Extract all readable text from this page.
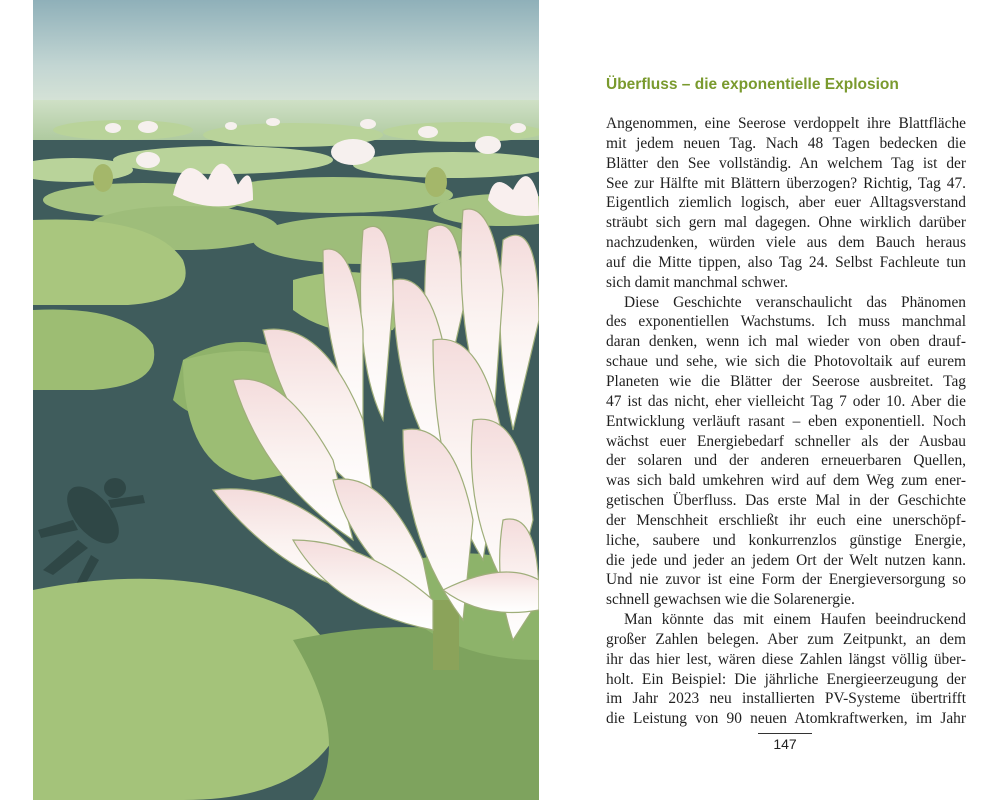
Überfluss – die exponentielle Explosion
Angenommen, eine Seerose verdoppelt ihre Blattfläche
mit jedem neuen Tag. Nach 48 Tagen bedecken die
Blätter den See vollständig. An welchem Tag ist der
See zur Hälfte mit Blättern überzogen? Richtig, Tag 47.
Eigentlich ziemlich logisch, aber euer Alltagsverstand
sträubt sich gern mal dagegen. Ohne wirklich darüber
nachzudenken, würden viele aus dem Bauch heraus
auf die Mitte tippen, also Tag 24. Selbst Fachleute tun
sich damit manchmal schwer.
Diese Geschichte veranschaulicht das Phänomen
des exponentiellen Wachstums. Ich muss manchmal
daran denken, wenn ich mal wieder von oben drauf-
schaue und sehe, wie sich die Photovoltaik auf eurem
Planeten wie die Blätter der Seerose ausbreitet. Tag
47 ist das nicht, eher vielleicht Tag 7 oder 10. Aber die
Entwicklung verläuft rasant – eben exponentiell. Noch
wächst euer Energiebedarf schneller als der Ausbau
der solaren und der anderen erneuerbaren Quellen,
was sich bald umkehren wird auf dem Weg zum ener-
getischen Überfluss. Das erste Mal in der Geschichte
der Menschheit erschließt ihr euch eine unerschöpf-
liche, saubere und konkurrenzlos günstige Energie,
die jede und jeder an jedem Ort der Welt nutzen kann.
Und nie zuvor ist eine Form der Energieversorgung so
schnell gewachsen wie die Solarenergie.
Man könnte das mit einem Haufen beeindruckend
großer Zahlen belegen. Aber zum Zeitpunkt, an dem
ihr das hier lest, wären diese Zahlen längst völlig über-
holt. Ein Beispiel: Die jährliche Energieerzeugung der
im Jahr 2023 neu installierten PV-Systeme übertrifft
die Leistung von 90 neuen Atomkraftwerken, im Jahr
147
